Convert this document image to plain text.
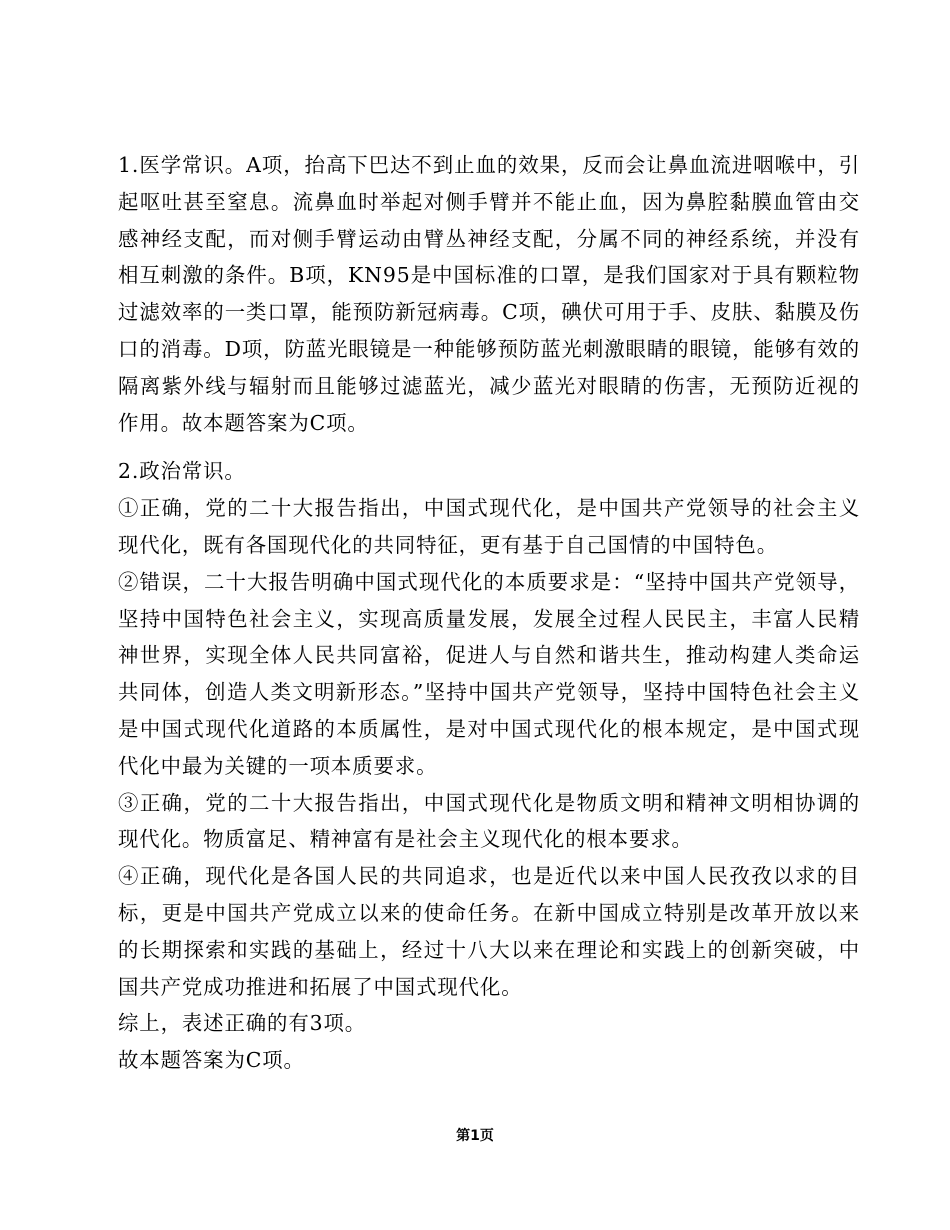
1.医学常识。A项，抬高下巴达不到止血的效果，反而会让鼻血流进咽喉中，引起呕吐甚至窒息。流鼻血时举起对侧手臂并不能止血，因为鼻腔黏膜血管由交感神经支配，而对侧手臂运动由臂丛神经支配，分属不同的神经系统，并没有相互刺激的条件。B项，KN95是中国标准的口罩，是我们国家对于具有颗粒物过滤效率的一类口罩，能预防新冠病毒。C项，碘伏可用于手、皮肤、黏膜及伤口的消毒。D项，防蓝光眼镜是一种能够预防蓝光刺激眼睛的眼镜，能够有效的隔离紫外线与辐射而且能够过滤蓝光，减少蓝光对眼睛的伤害，无预防近视的作用。故本题答案为C项。

2.政治常识。

①正确，党的二十大报告指出，中国式现代化，是中国共产党领导的社会主义现代化，既有各国现代化的共同特征，更有基于自己国情的中国特色。

②错误，二十大报告明确中国式现代化的本质要求是：“坚持中国共产党领导，坚持中国特色社会主义，实现高质量发展，发展全过程人民民主，丰富人民精神世界，实现全体人民共同富裕，促进人与自然和谐共生，推动构建人类命运共同体，创造人类文明新形态。”坚持中国共产党领导，坚持中国特色社会主义是中国式现代化道路的本质属性，是对中国式现代化的根本规定，是中国式现代化中最为关键的一项本质要求。

③正确，党的二十大报告指出，中国式现代化是物质文明和精神文明相协调的现代化。物质富足、精神富有是社会主义现代化的根本要求。

④正确，现代化是各国人民的共同追求，也是近代以来中国人民孜孜以求的目标，更是中国共产党成立以来的使命任务。在新中国成立特别是改革开放以来的长期探索和实践的基础上，经过十八大以来在理论和实践上的创新突破，中国共产党成功推进和拓展了中国式现代化。

综上，表述正确的有3项。

故本题答案为C项。

第1页
